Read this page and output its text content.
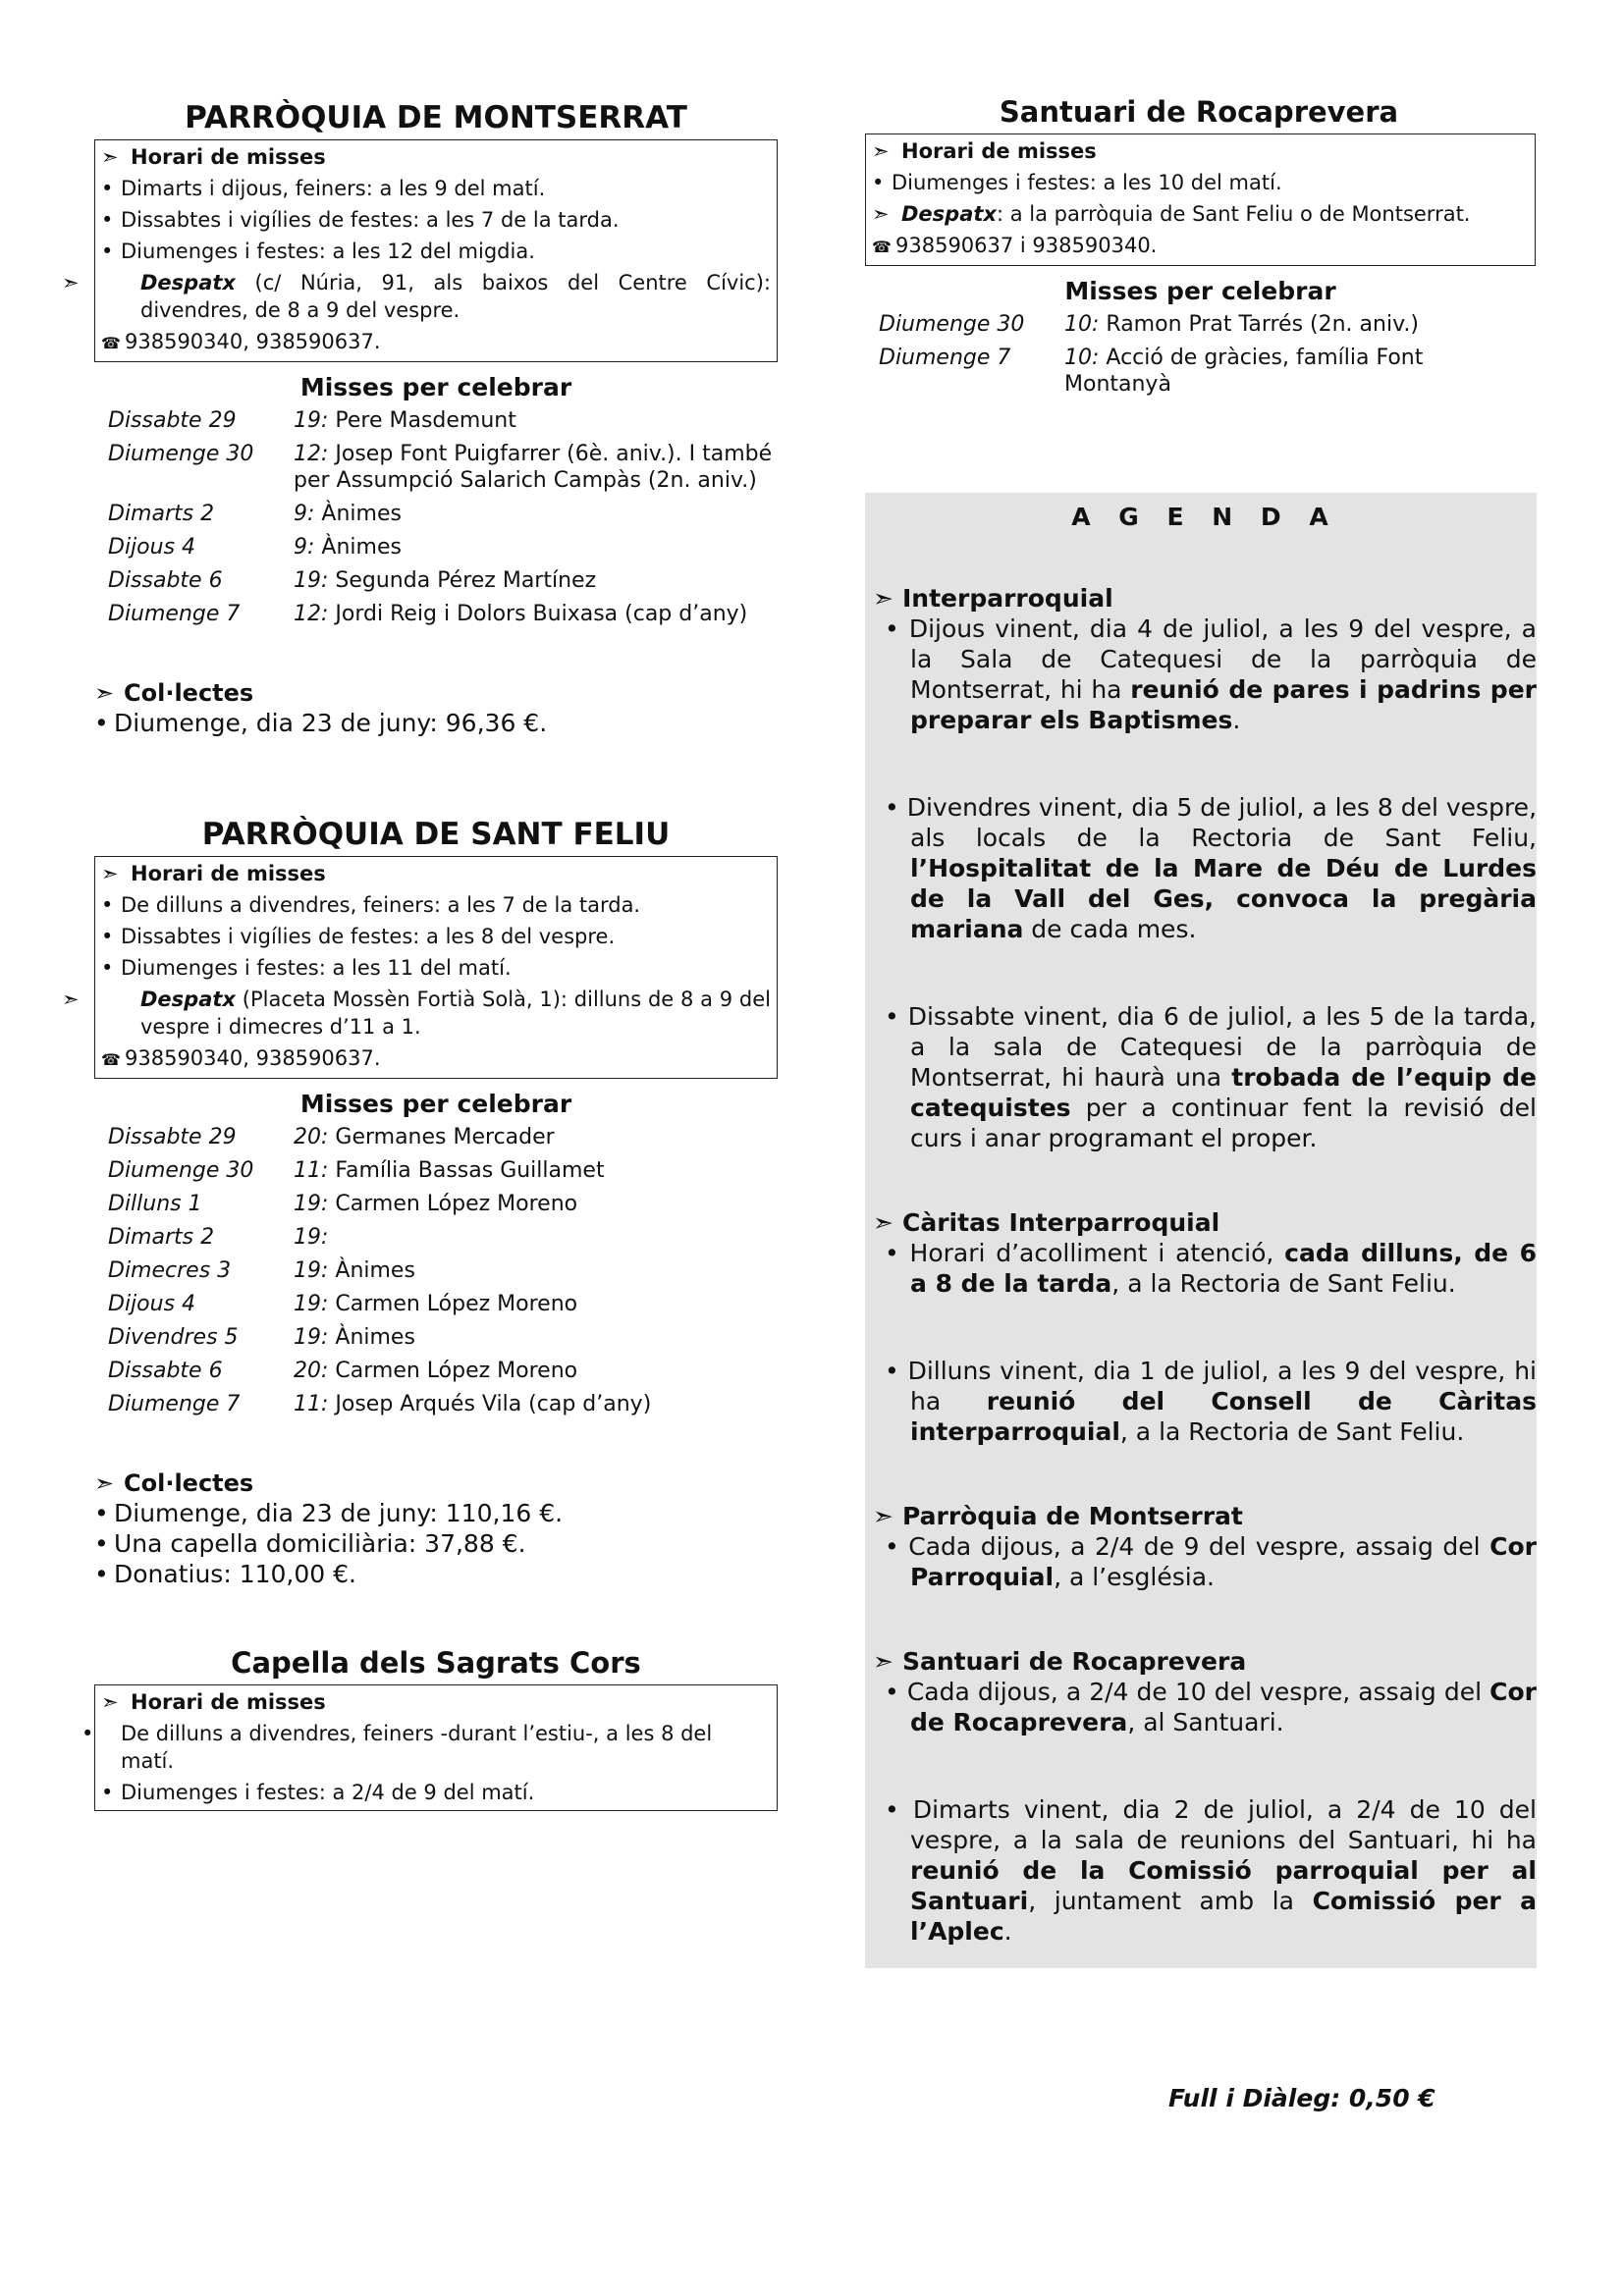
PARRÒQUIA DE MONTSERRAT
➣ Horari de misses
• Dimarts i dijous, feiners: a les 9 del matí.
• Dissabtes i vigílies de festes: a les 7 de la tarda.
• Diumenges i festes: a les 12 del migdia.
➣	Despatx (c/ Núria, 91, als baixos del Centre Cívic): divendres, de 8 a 9 del vespre.
☎ 938590340, 938590637.
Misses per celebrar
Dissabte 29	19: Pere Masdemunt
Diumenge 30	12: Josep Font Puigfarrer (6è. aniv.). I també per Assumpció Salarich Campàs (2n. aniv.)
Dimarts 2	9: Ànimes
Dijous 4	9: Ànimes
Dissabte 6	19: Segunda Pérez Martínez
Diumenge 7	12: Jordi Reig i Dolors Buixasa (cap d’any)
➣ Col·lectes
• Diumenge, dia 23 de juny: 96,36 €.
PARRÒQUIA DE SANT FELIU
➣ Horari de misses
• De dilluns a divendres, feiners: a les 7 de la tarda.
• Dissabtes i vigílies de festes: a les 8 del vespre.
• Diumenges i festes: a les 11 del matí.
➣	Despatx (Placeta Mossèn Fortià Solà, 1): dilluns de 8 a 9 del vespre i dimecres d’11 a 1.
☎ 938590340, 938590637.
Misses per celebrar
Dissabte 29	20: Germanes Mercader
Diumenge 30	11: Família Bassas Guillamet
Dilluns 1	19: Carmen López Moreno
Dimarts 2	19:
Dimecres 3	19: Ànimes
Dijous 4	19: Carmen López Moreno
Divendres 5	19: Ànimes
Dissabte 6	20: Carmen López Moreno
Diumenge 7	11: Josep Arqués Vila (cap d’any)
➣ Col·lectes
• Diumenge, dia 23 de juny: 110,16 €.
• Una capella domiciliària: 37,88 €.
• Donatius: 110,00 €.
Capella dels Sagrats Cors
➣ Horari de misses
• De dilluns a divendres, feiners -durant l’estiu-, a les 8 del matí.
• Diumenges i festes: a 2/4 de 9 del matí.
Santuari de Rocaprevera
➣ Horari de misses
• Diumenges i festes: a les 10 del matí.
➣ Despatx: a la parròquia de Sant Feliu o de Montserrat.
☎ 938590637 i 938590340.
Misses per celebrar
Diumenge 30	10: Ramon Prat Tarrés (2n. aniv.)
Diumenge 7	10: Acció de gràcies, família Font Montanyà
A G E N D A
➣ Interparroquial
• Dijous vinent, dia 4 de juliol, a les 9 del vespre, a la Sala de Catequesi de la parròquia de Montserrat, hi ha reunió de pares i padrins per preparar els Baptismes.
• Divendres vinent, dia 5 de juliol, a les 8 del vespre, als locals de la Rectoria de Sant Feliu, l’Hospitalitat de la Mare de Déu de Lurdes de la Vall del Ges, convoca la pregària mariana de cada mes.
• Dissabte vinent, dia 6 de juliol, a les 5 de la tarda, a la sala de Catequesi de la parròquia de Montserrat, hi haurà una trobada de l’equip de catequistes per a continuar fent la revisió del curs i anar programant el proper.
➣ Càritas Interparroquial
• Horari d’acolliment i atenció, cada dilluns, de 6 a 8 de la tarda, a la Rectoria de Sant Feliu.
• Dilluns vinent, dia 1 de juliol, a les 9 del vespre, hi ha reunió del Consell de Càritas interparroquial, a la Rectoria de Sant Feliu.
➣ Parròquia de Montserrat
• Cada dijous, a 2/4 de 9 del vespre, assaig del Cor Parroquial, a l’església.
➣ Santuari de Rocaprevera
• Cada dijous, a 2/4 de 10 del vespre, assaig del Cor de Rocaprevera, al Santuari.
• Dimarts vinent, dia 2 de juliol, a 2/4 de 10 del vespre, a la sala de reunions del Santuari, hi ha reunió de la Comissió parroquial per al Santuari, juntament amb la Comissió per a l’Aplec.
Full i Diàleg: 0,50 €
